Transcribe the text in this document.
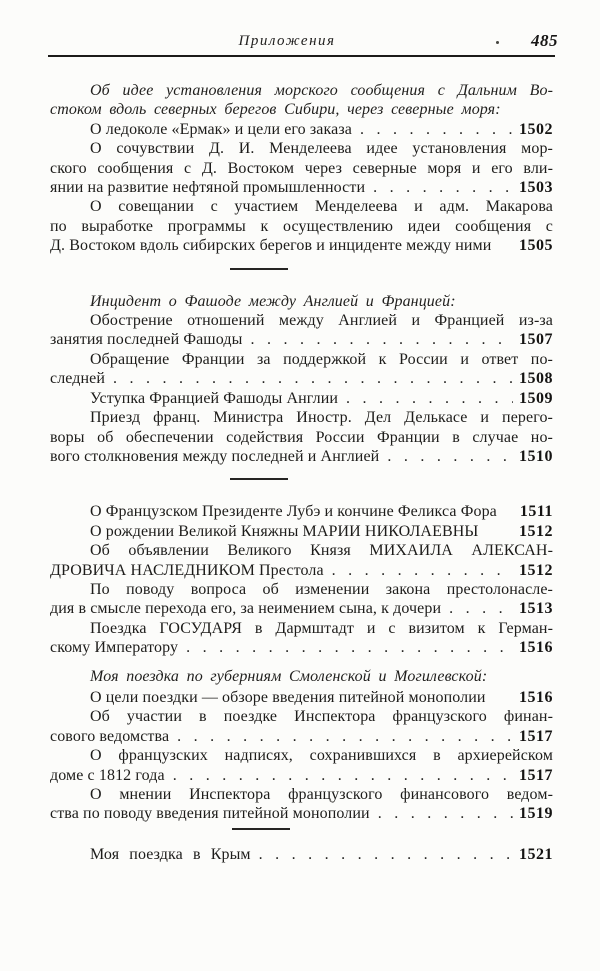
Приложения	485
Об идее установления морского сообщения с Дальним Во-
стоком вдоль северных берегов Сибири, через северные моря:
О ледоколе «Ермак» и цели его заказа .....	1502
О сочувствии Д. И. Менделеева идее установления мор-
ского сообщения с Д. Востоком через северные моря и его вли-
янии на развитие нефтяной промышленности .....	1503
О совещании с участием Менделеева и адм. Макарова
по выработке программы к осуществлению идеи сообщения с
Д. Востоком вдоль сибирских берегов и инциденте между ними 1505
Инцидент о Фашоде между Англией и Францией:
Обострение отношений между Англией и Францией из-за
занятия последней Фашоды .....	1507
Обращение Франции за поддержкой к России и ответ по-
следней .....	1508
Уступка Францией Фашоды Англии .....	1509
Приезд франц. Министра Иностр. Дел Делькасе и перего-
воры об обеспечении содействия России Франции в случае но-
вого столкновения между последней и Англией .....	1510
О Французском Президенте Лубэ и кончине Феликса Фора 1511
О рождении Великой Княжны МАРИИ НИКОЛАЕВНЫ	1512
Об объявлении Великого Князя МИХАИЛА АЛЕКСАН-
ДРОВИЧА НАСЛЕДНИКОМ Престола .....	1512
По поводу вопроса об изменении закона престолонасле-
дия в смысле перехода его, за неимением сына, к дочери .....	1513
Поездка ГОСУДАРЯ в Дармштадт и с визитом к Герман-
скому Императору .....	1516
Моя поездка по губерниям Смоленской и Могилевской:
О цели поездки — обзоре введения питейной монополии 1516
Об участии в поездке Инспектора французского финан-
сового ведомства .....	1517
О французских надписях, сохранившихся в архиерейском
доме с 1812 года .....	1517
О мнении Инспектора французского финансового ведом-
ства по поводу введения питейной монополии .....	1519
Моя поездка в Крым .....	1521
